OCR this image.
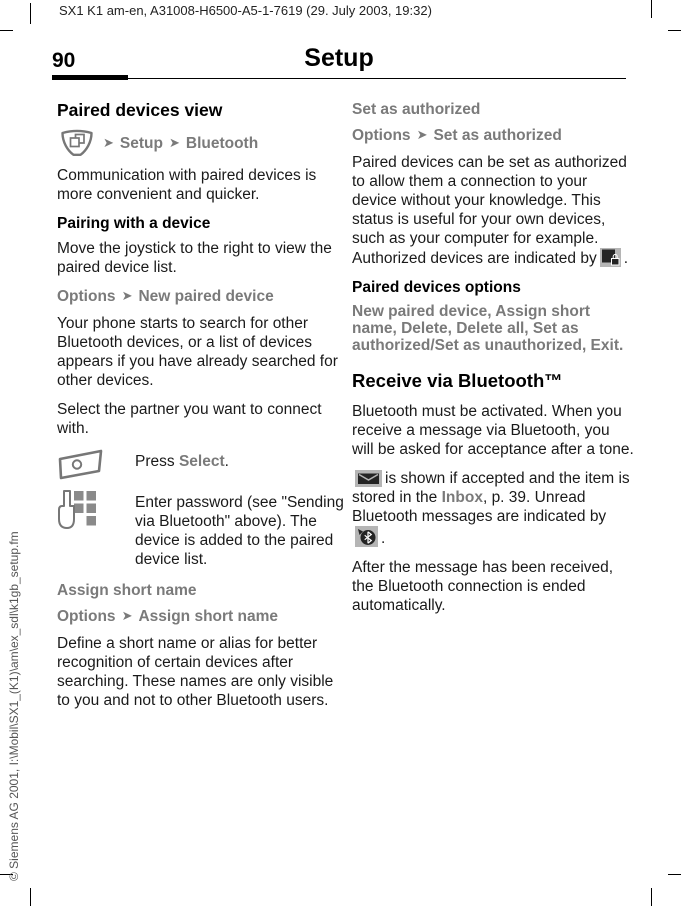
SX1 K1 am-en, A31008-H6500-A5-1-7619 (29. July 2003, 19:32)
Setup
90
© Siemens AG 2001, I:\Mobil\SX1_(K1)\am\ex_sdl\k1gb_setup.fm
Paired devices view
➤ Setup ➤ Bluetooth

Communication with paired devices is more convenient and quicker.

Pairing with a device

Move the joystick to the right to view the paired device list.

Options ➤ New paired device

Your phone starts to search for other Bluetooth devices, or a list of devices appears if you have already searched for other devices.

Select the partner you want to connect with.

Press Select.
Enter password (see "Sending via Bluetooth" above). The device is added to the paired device list.
Assign short name
Options ➤ Assign short name

Define a short name or alias for better recognition of certain devices after searching. These names are only visible to you and not to other Bluetooth users.

Set as authorized
Options ➤ Set as authorized

Paired devices can be set as authorized to allow them a connection to your device without your knowledge. This status is useful for your own devices, such as your computer for example. Authorized devices are indicated by .

Paired devices options
New paired device, Assign short name, Delete, Delete all, Set as authorized/Set as unauthorized, Exit.
Receive via Bluetooth™

Bluetooth must be activated. When you receive a message via Bluetooth, you will be asked for acceptance after a tone.

is shown if accepted and the item is stored in the Inbox, p. 39. Unread Bluetooth messages are indicated by
.

After the message has been received, the Bluetooth connection is ended automatically.
